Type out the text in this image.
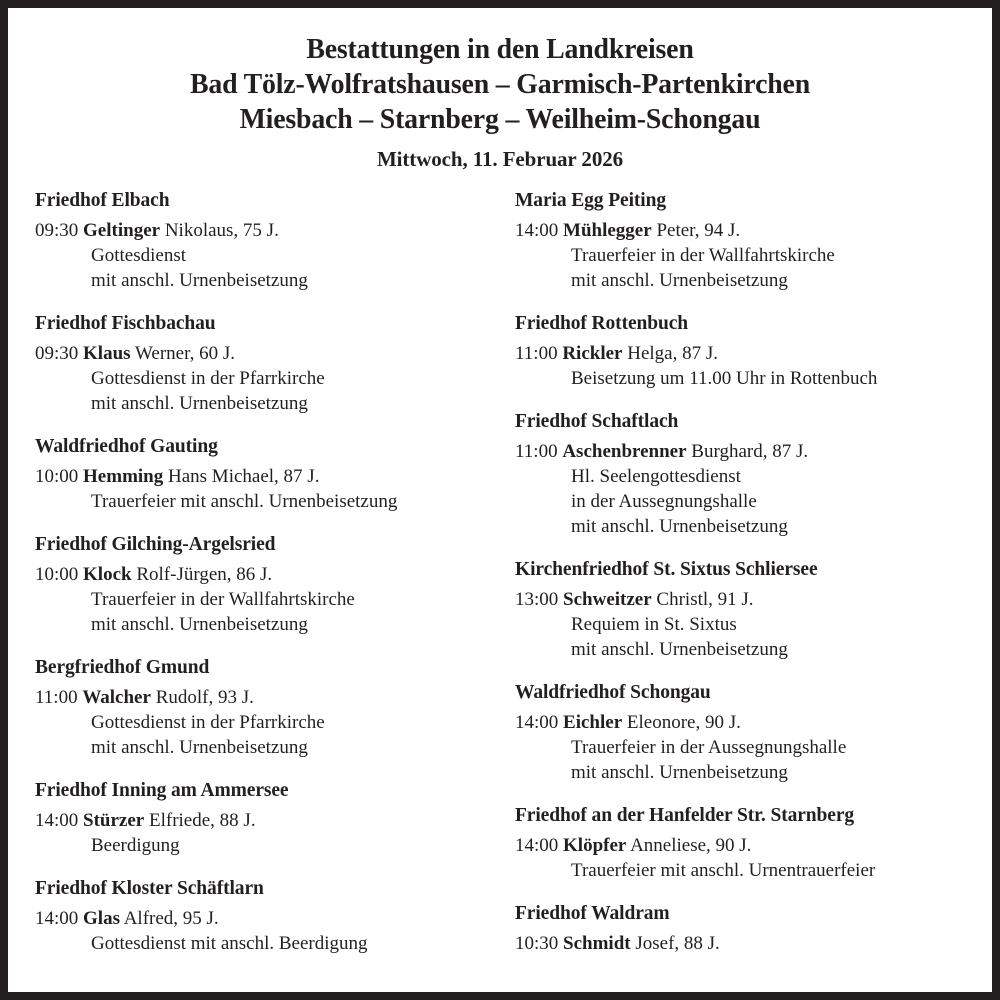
Bestattungen in den Landkreisen
Bad Tölz-Wolfratshausen – Garmisch-Partenkirchen
Miesbach – Starnberg – Weilheim-Schongau
Mittwoch, 11. Februar 2026
Friedhof Elbach
09:30 Geltinger Nikolaus, 75 J.
Gottesdienst
mit anschl. Urnenbeisetzung
Friedhof Fischbachau
09:30 Klaus Werner, 60 J.
Gottesdienst in der Pfarrkirche
mit anschl. Urnenbeisetzung
Waldfriedhof Gauting
10:00 Hemming Hans Michael, 87 J.
Trauerfeier mit anschl. Urnenbeisetzung
Friedhof Gilching-Argelsried
10:00 Klock Rolf-Jürgen, 86 J.
Trauerfeier in der Wallfahrtskirche
mit anschl. Urnenbeisetzung
Bergfriedhof Gmund
11:00 Walcher Rudolf, 93 J.
Gottesdienst in der Pfarrkirche
mit anschl. Urnenbeisetzung
Friedhof Inning am Ammersee
14:00 Stürzer Elfriede, 88 J.
Beerdigung
Friedhof Kloster Schäftlarn
14:00 Glas Alfred, 95 J.
Gottesdienst mit anschl. Beerdigung
Maria Egg Peiting
14:00 Mühlegger Peter, 94 J.
Trauerfeier in der Wallfahrtskirche
mit anschl. Urnenbeisetzung
Friedhof Rottenbuch
11:00 Rickler Helga, 87 J.
Beisetzung um 11.00 Uhr in Rottenbuch
Friedhof Schaftlach
11:00 Aschenbrenner Burghard, 87 J.
Hl. Seelengottesdienst
in der Aussegnungshalle
mit anschl. Urnenbeisetzung
Kirchenfriedhof St. Sixtus Schliersee
13:00 Schweitzer Christl, 91 J.
Requiem in St. Sixtus
mit anschl. Urnenbeisetzung
Waldfriedhof Schongau
14:00 Eichler Eleonore, 90 J.
Trauerfeier in der Aussegnungshalle
mit anschl. Urnenbeisetzung
Friedhof an der Hanfelder Str. Starnberg
14:00 Klöpfer Anneliese, 90 J.
Trauerfeier mit anschl. Urnentrauerfeier
Friedhof Waldram
10:30 Schmidt Josef, 88 J.
